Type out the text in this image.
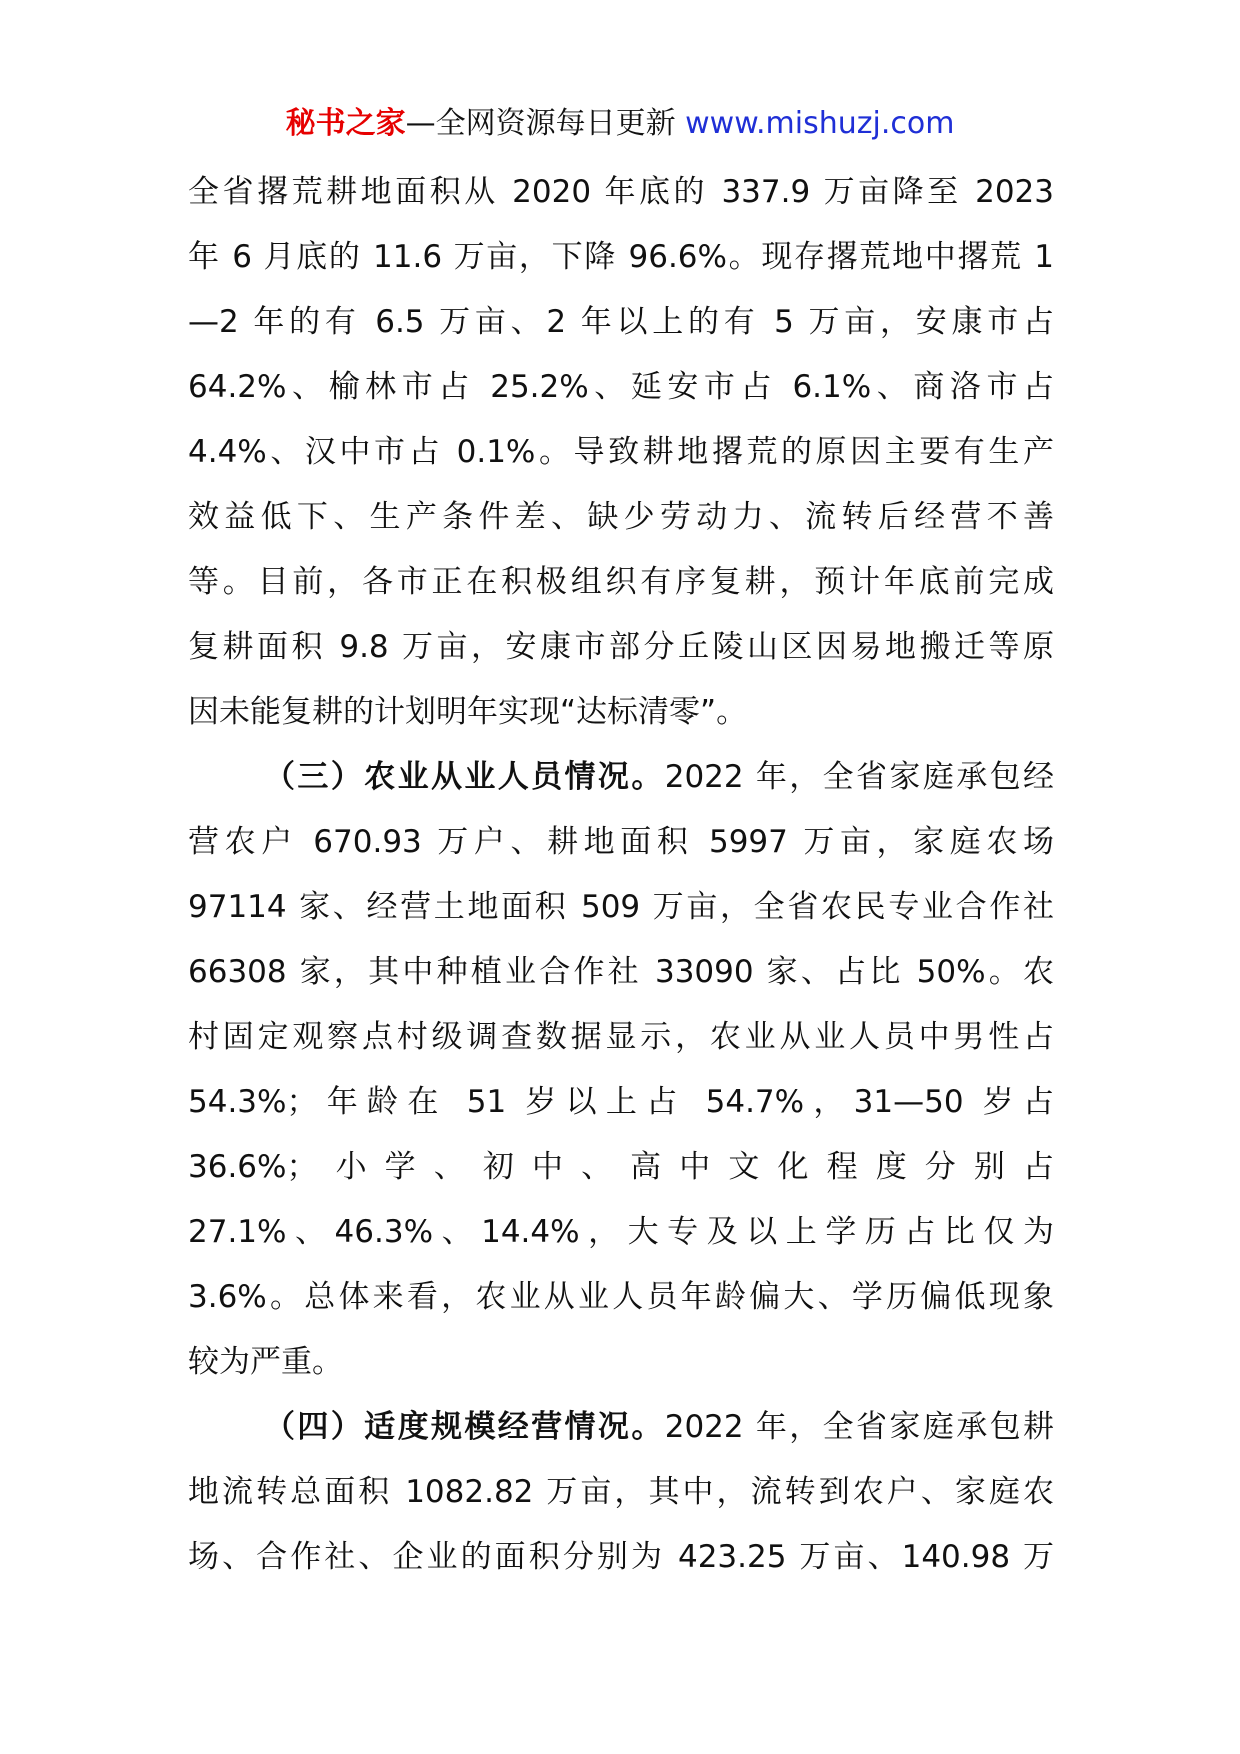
秘书之家—全网资源每日更新 www.mishuzj.com
全省撂荒耕地面积从 2020 年底的 337.9 万亩降至 2023
年 6 月底的 11.6 万亩，下降 96.6%。现存撂荒地中撂荒 1
—2 年的有 6.5 万亩、2 年以上的有 5 万亩，安康市占
64.2%、榆林市占 25.2%、延安市占 6.1%、商洛市占
4.4%、汉中市占 0.1%。导致耕地撂荒的原因主要有生产
效益低下、生产条件差、缺少劳动力、流转后经营不善
等。目前，各市正在积极组织有序复耕，预计年底前完成
复耕面积 9.8 万亩，安康市部分丘陵山区因易地搬迁等原
因未能复耕的计划明年实现“达标清零”。
（三）农业从业人员情况。2022 年，全省家庭承包经
营农户 670.93 万户、耕地面积 5997 万亩，家庭农场
97114 家、经营土地面积 509 万亩，全省农民专业合作社
66308 家，其中种植业合作社 33090 家、占比 50%。农
村固定观察点村级调查数据显示，农业从业人员中男性占
54.3%；年龄在 51 岁以上占 54.7%，31—50 岁占
36.6%；小学、初中、高中文化程度分别占
27.1%、46.3%、14.4%，大专及以上学历占比仅为
3.6%。总体来看，农业从业人员年龄偏大、学历偏低现象
较为严重。
（四）适度规模经营情况。2022 年，全省家庭承包耕
地流转总面积 1082.82 万亩，其中，流转到农户、家庭农
场、合作社、企业的面积分别为 423.25 万亩、140.98 万
